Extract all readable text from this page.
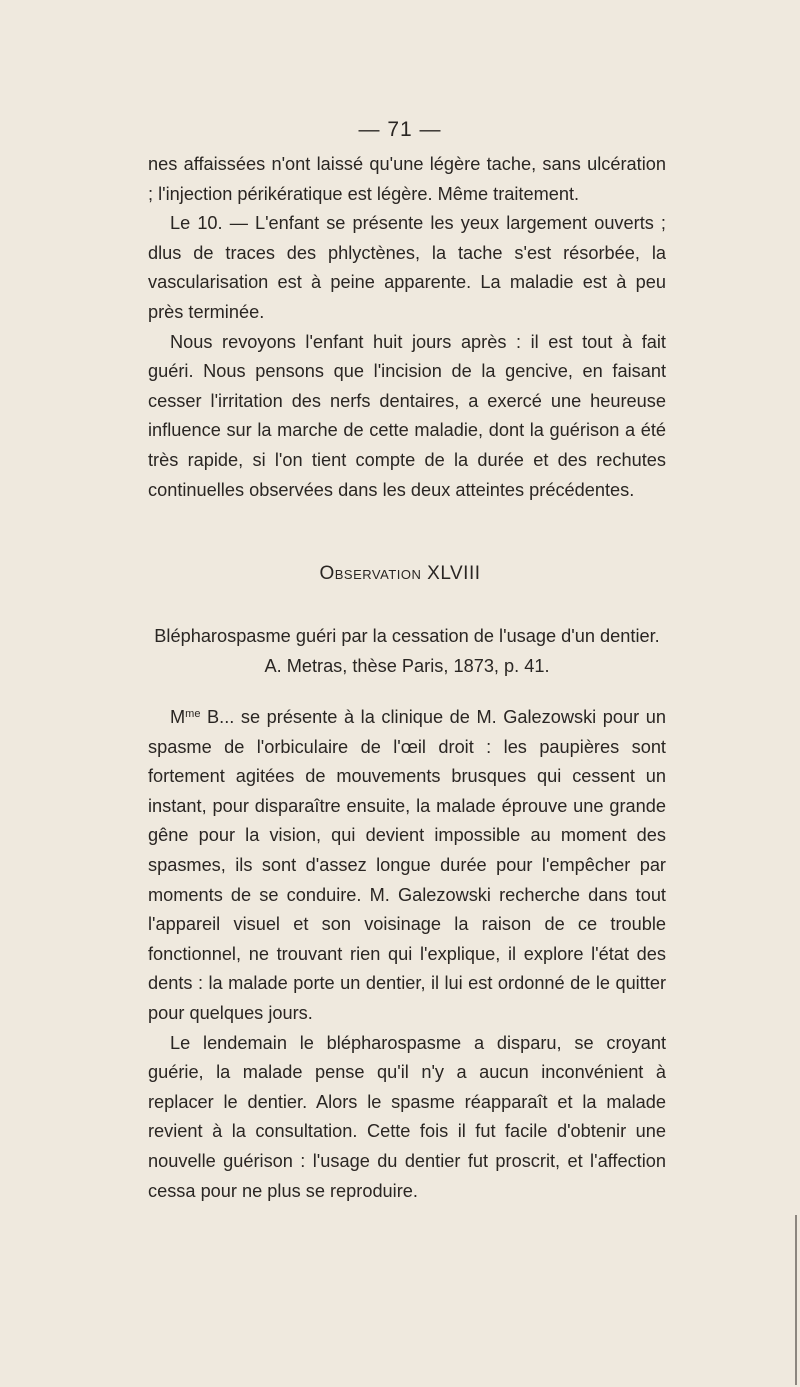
— 71 —

nes affaissées n'ont laissé qu'une légère tache, sans ulcération ; l'injection périkératique est légère. Même traitement.

Le 10. — L'enfant se présente les yeux largement ouverts ; dlus de traces des phlyctènes, la tache s'est résorbée, la vascularisation est à peine apparente. La maladie est à peu près terminée.

Nous revoyons l'enfant huit jours après : il est tout à fait guéri. Nous pensons que l'incision de la gencive, en faisant cesser l'irritation des nerfs dentaires, a exercé une heureuse influence sur la marche de cette maladie, dont la guérison a été très rapide, si l'on tient compte de la durée et des rechutes continuelles observées dans les deux atteintes précédentes.

Observation XLVIII
Blépharospasme guéri par la cessation de l'usage d'un dentier.
A. Metras, thèse Paris, 1873, p. 41.

$M^{me}$ B... se présente à la clinique de M. Galezowski pour un spasme de l'orbiculaire de l'œil droit : les paupières sont fortement agitées de mouvements brusques qui cessent un instant, pour disparaître ensuite, la malade éprouve une grande gêne pour la vision, qui devient impossible au moment des spasmes, ils sont d'assez longue durée pour l'empêcher par moments de se conduire. M. Galezowski recherche dans tout l'appareil visuel et son voisinage la raison de ce trouble fonctionnel, ne trouvant rien qui l'explique, il explore l'état des dents : la malade porte un dentier, il lui est ordonné de le quitter pour quelques jours.

Le lendemain le blépharospasme a disparu, se croyant guérie, la malade pense qu'il n'y a aucun inconvénient à replacer le dentier. Alors le spasme réapparaît et la malade revient à la consultation. Cette fois il fut facile d'obtenir une nouvelle guérison : l'usage du dentier fut proscrit, et l'affection cessa pour ne plus se reproduire.
